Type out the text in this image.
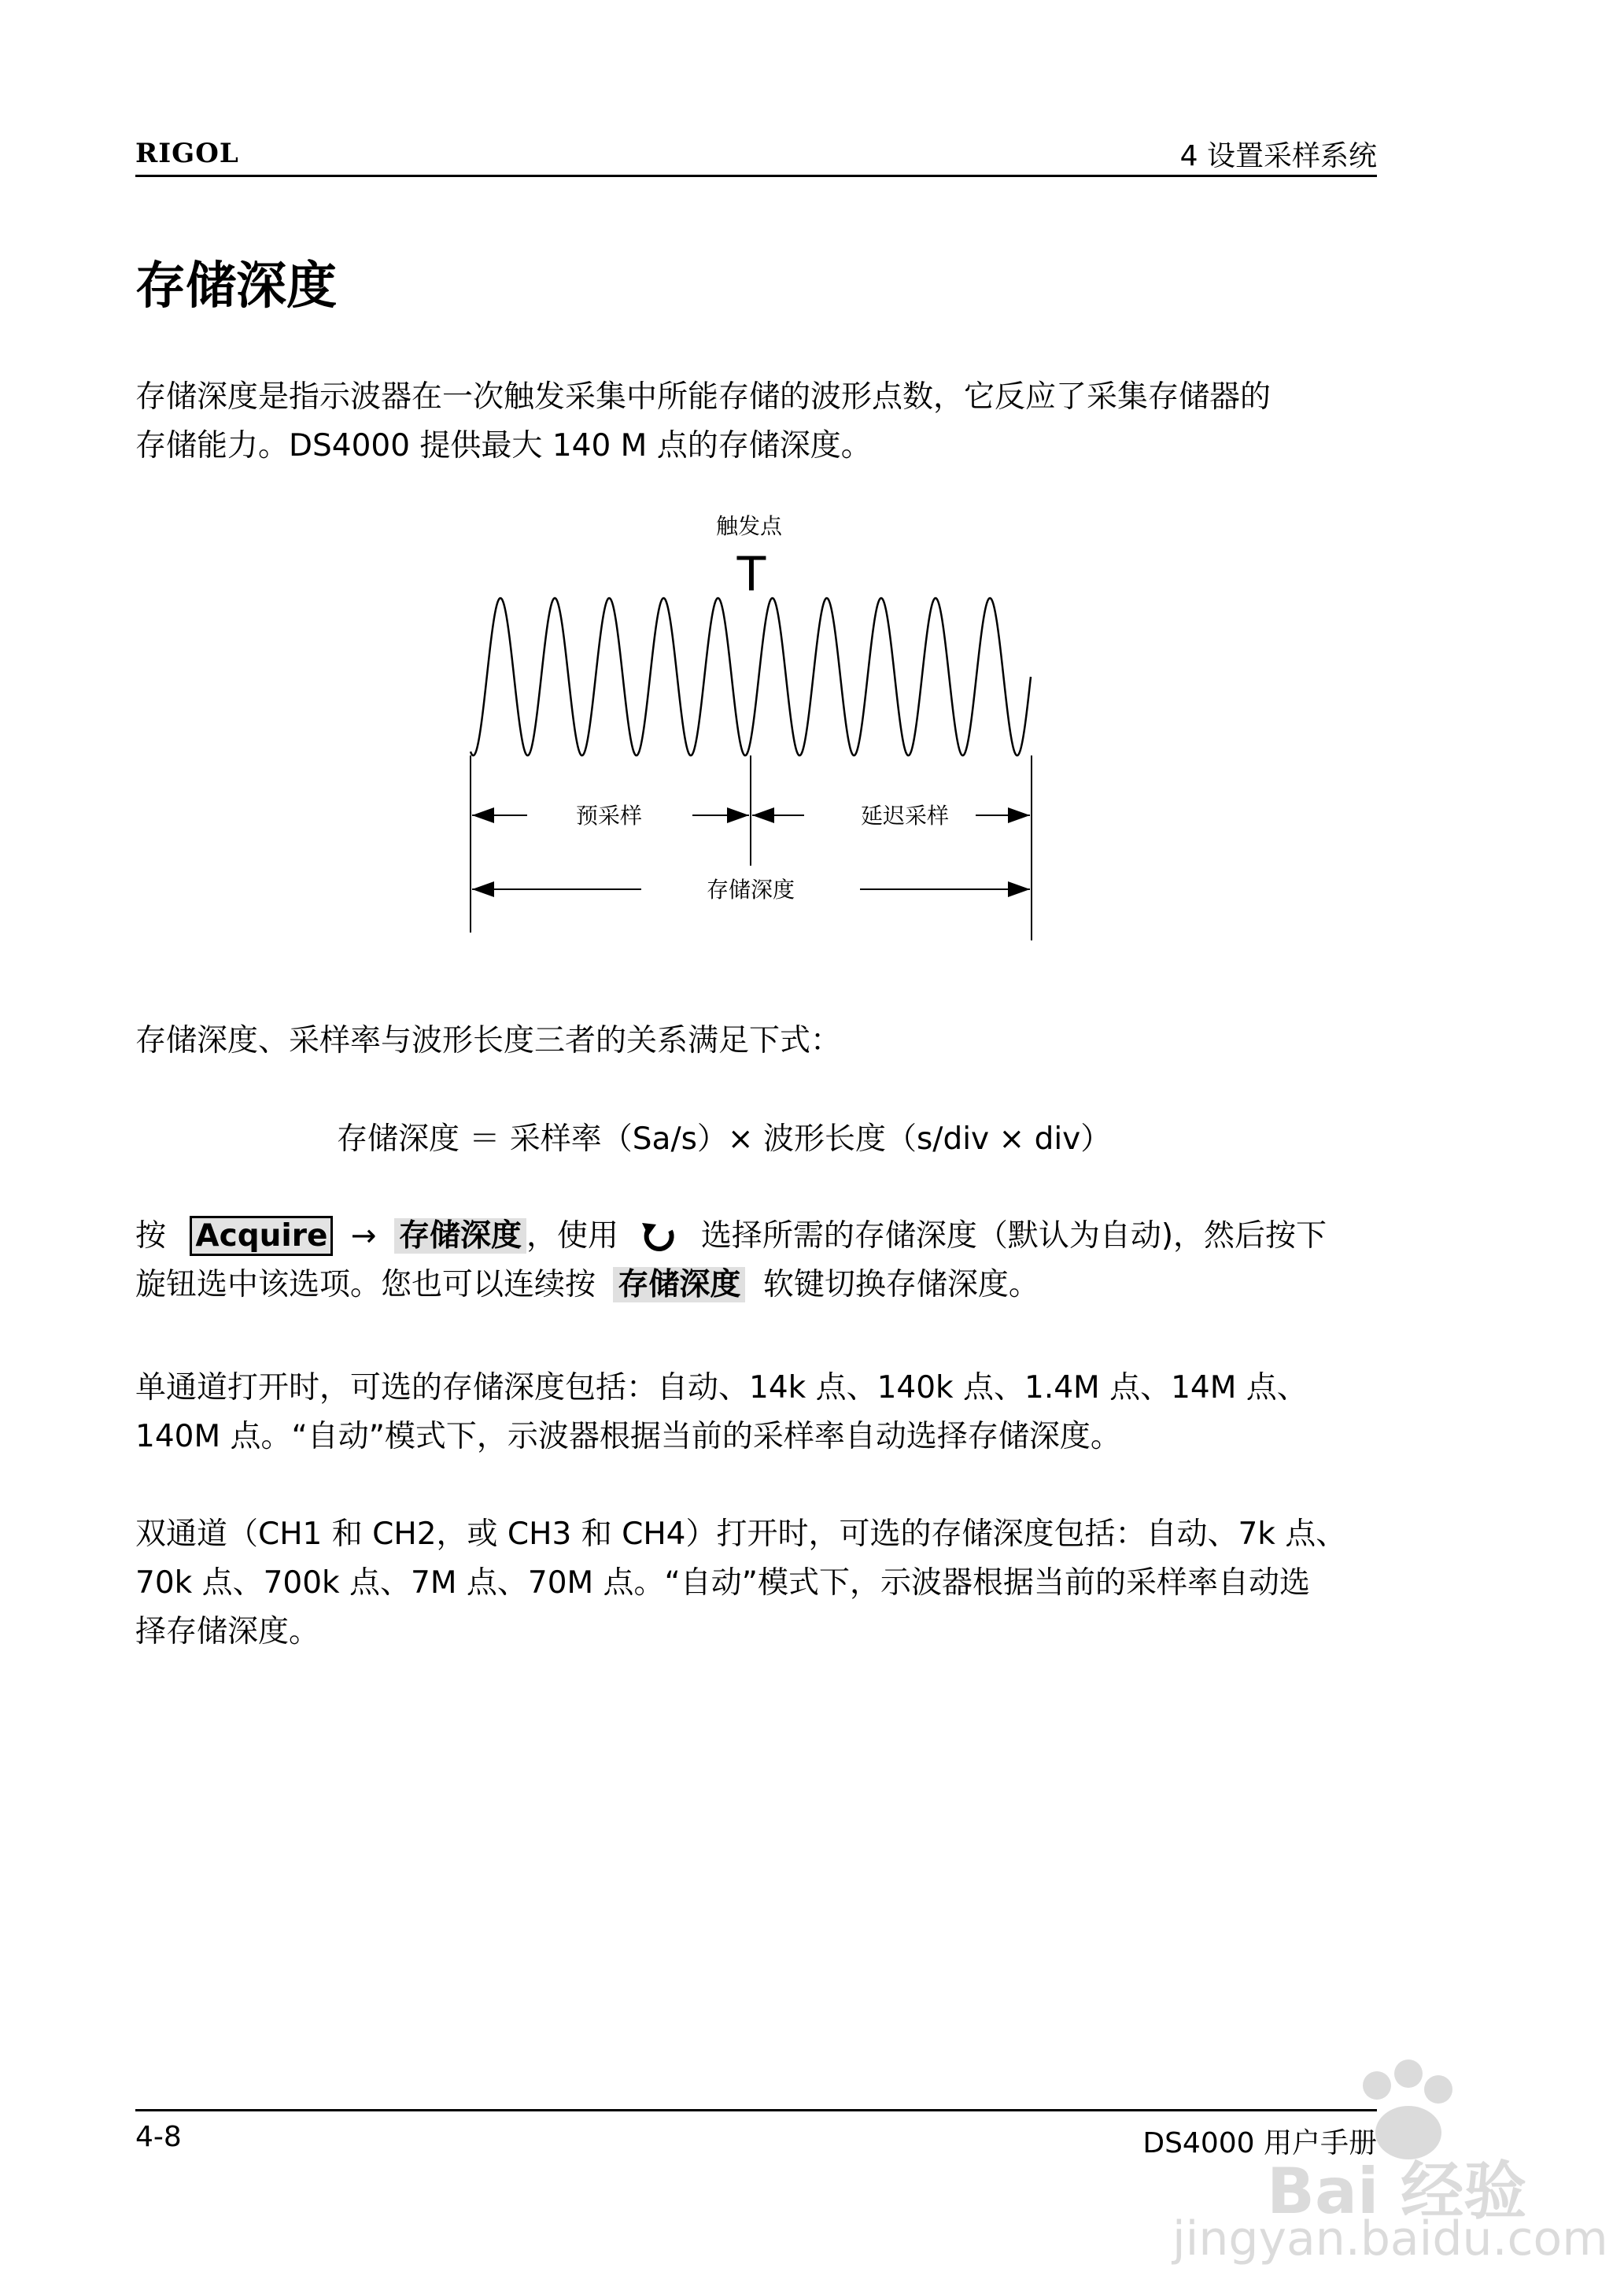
RIGOL	4 设置采样系统
存储深度

存储深度是指示波器在一次触发采集中所能存储的波形点数，它反应了采集存储器的

存储能力。DS4000 提供最大 140 M 点的存储深度。

触发点
T
预采样	延迟采样
存储深度

存储深度、采样率与波形长度三者的关系满足下式：

存储深度 ＝ 采样率（Sa/s）× 波形长度（s/div × div）

按 Acquire → 存储深度 ，使用	选择所需的存储深度（默认为自动)，然后按下

旋钮选中该选项。您也可以连续按 存储深度 软键切换存储深度。

单通道打开时，可选的存储深度包括：自动、14k 点、140k 点、1.4M 点、14M 点、

140M 点。“自动”模式下，示波器根据当前的采样率自动选择存储深度。

双通道（CH1 和 CH2，或 CH3 和 CH4）打开时，可选的存储深度包括：自动、7k 点、

70k 点、700k 点、7M 点、70M 点。“自动”模式下，示波器根据当前的采样率自动选

择存储深度。

4-8	DS4000 用户手册
Bai 经验
jingyan.baidu.com
